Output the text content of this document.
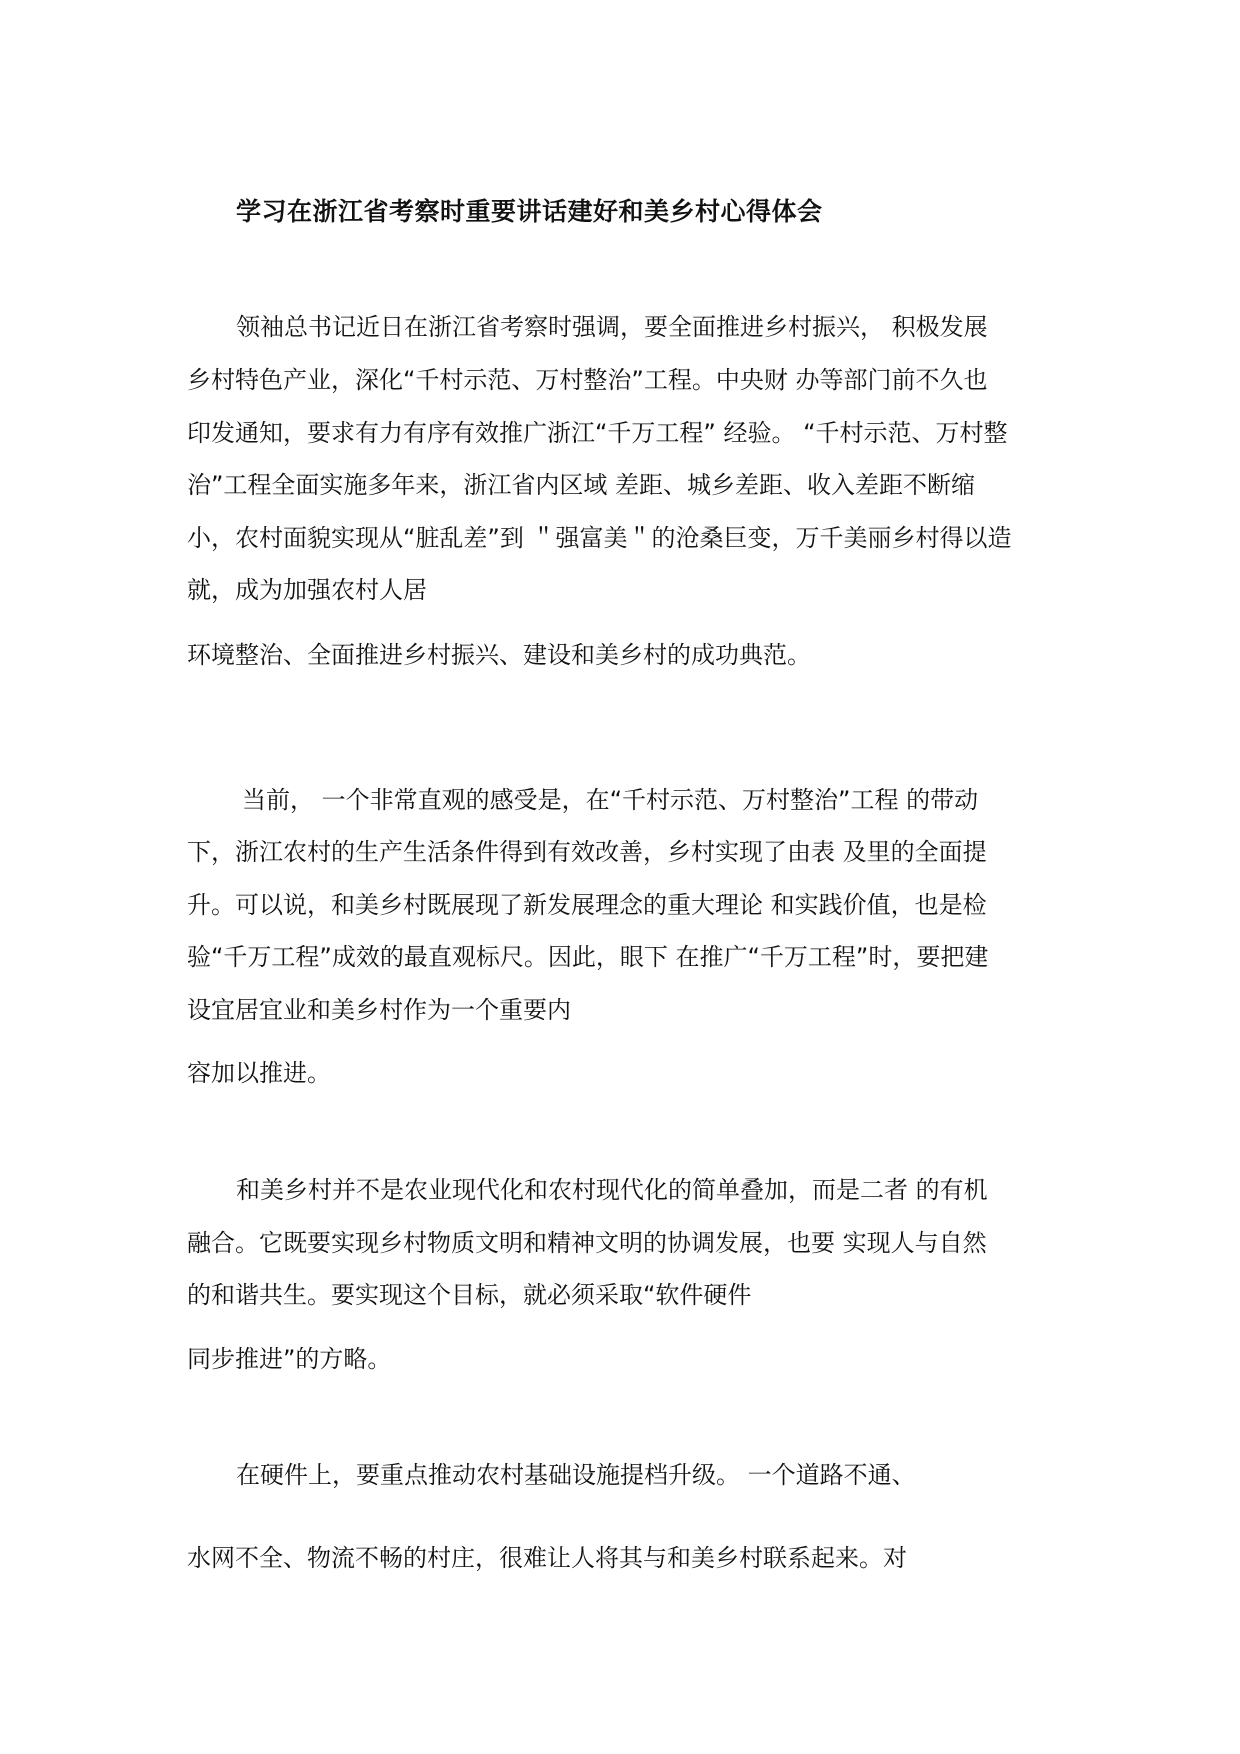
学习在浙江省考察时重要讲话建好和美乡村心得体会

领袖总书记近日在浙江省考察时强调，要全面推进乡村振兴， 积极发展

乡村特色产业，深化“千村示范、万村整治”工程。中央财 办等部门前不久也

印发通知，要求有力有序有效推广浙江“千万工程” 经验。 “千村示范、万村整

治”工程全面实施多年来，浙江省内区域 差距、城乡差距、收入差距不断缩

小，农村面貌实现从“脏乱差”到 ＂强富美＂的沧桑巨变，万千美丽乡村得以造

就，成为加强农村人居

环境整治、全面推进乡村振兴、建设和美乡村的成功典范。

当前， 一个非常直观的感受是，在“千村示范、万村整治”工程 的带动

下，浙江农村的生产生活条件得到有效改善，乡村实现了由表 及里的全面提

升。可以说，和美乡村既展现了新发展理念的重大理论 和实践价值，也是检

验“千万工程”成效的最直观标尺。因此，眼下 在推广“千万工程”时，要把建

设宜居宜业和美乡村作为一个重要内

容加以推进。

和美乡村并不是农业现代化和农村现代化的简单叠加，而是二者 的有机

融合。它既要实现乡村物质文明和精神文明的协调发展，也要 实现人与自然

的和谐共生。要实现这个目标，就必须采取“软件硬件

同步推进”的方略。

在硬件上，要重点推动农村基础设施提档升级。 一个道路不通、

水网不全、物流不畅的村庄，很难让人将其与和美乡村联系起来。对
